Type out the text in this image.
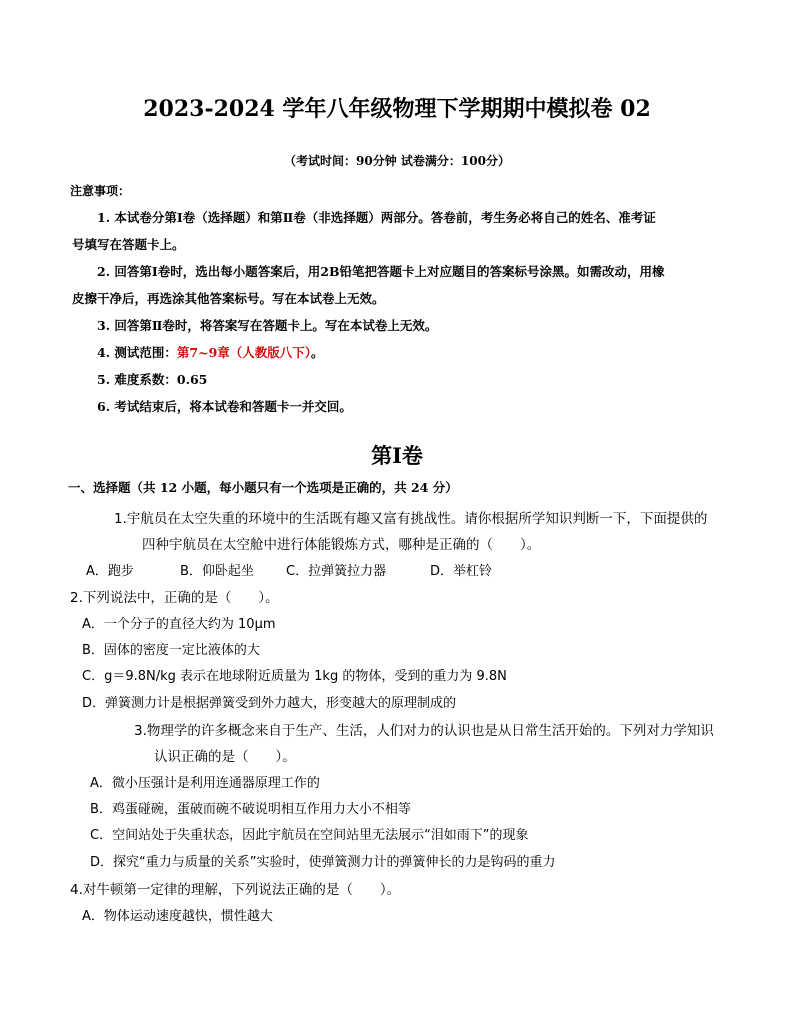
2023-2024 学年八年级物理下学期期中模拟卷 02
（考试时间：90分钟 试卷满分：100分）
注意事项：
1. 本试卷分第Ⅰ卷（选择题）和第Ⅱ卷（非选择题）两部分。答卷前，考生务必将自己的姓名、准考证
号填写在答题卡上。
2. 回答第Ⅰ卷时，选出每小题答案后，用2B铅笔把答题卡上对应题目的答案标号涂黑。如需改动，用橡
皮擦干净后，再选涂其他答案标号。写在本试卷上无效。
3. 回答第Ⅱ卷时，将答案写在答题卡上。写在本试卷上无效。
4. 测试范围：第7~9章（人教版八下）。
5. 难度系数：0.65
6. 考试结束后，将本试卷和答题卡一并交回。
第Ⅰ卷
一、选择题（共 12 小题，每小题只有一个选项是正确的，共 24 分）
1.宇航员在太空失重的环境中的生活既有趣又富有挑战性。请你根据所学知识判断一下，下面提供的
四种宇航员在太空舱中进行体能锻炼方式，哪种是正确的（　　）。
A．跑步	B．仰卧起坐 C．拉弹簧拉力器	D．举杠铃
2.下列说法中，正确的是（　　）。
A．一个分子的直径大约为 10μm
B．固体的密度一定比液体的大
C．g＝9.8N/kg 表示在地球附近质量为 1kg 的物体，受到的重力为 9.8N
D．弹簧测力计是根据弹簧受到外力越大，形变越大的原理制成的
3.物理学的许多概念来自于生产、生活，人们对力的认识也是从日常生活开始的。下列对力学知识
认识正确的是（　　）。
A．微小压强计是利用连通器原理工作的
B．鸡蛋碰碗，蛋破而碗不破说明相互作用力大小不相等
C．空间站处于失重状态，因此宇航员在空间站里无法展示“泪如雨下”的现象
D．探究“重力与质量的关系”实验时，使弹簧测力计的弹簧伸长的力是钩码的重力
4.对牛顿第一定律的理解，下列说法正确的是（　　）。
A．物体运动速度越快，惯性越大
